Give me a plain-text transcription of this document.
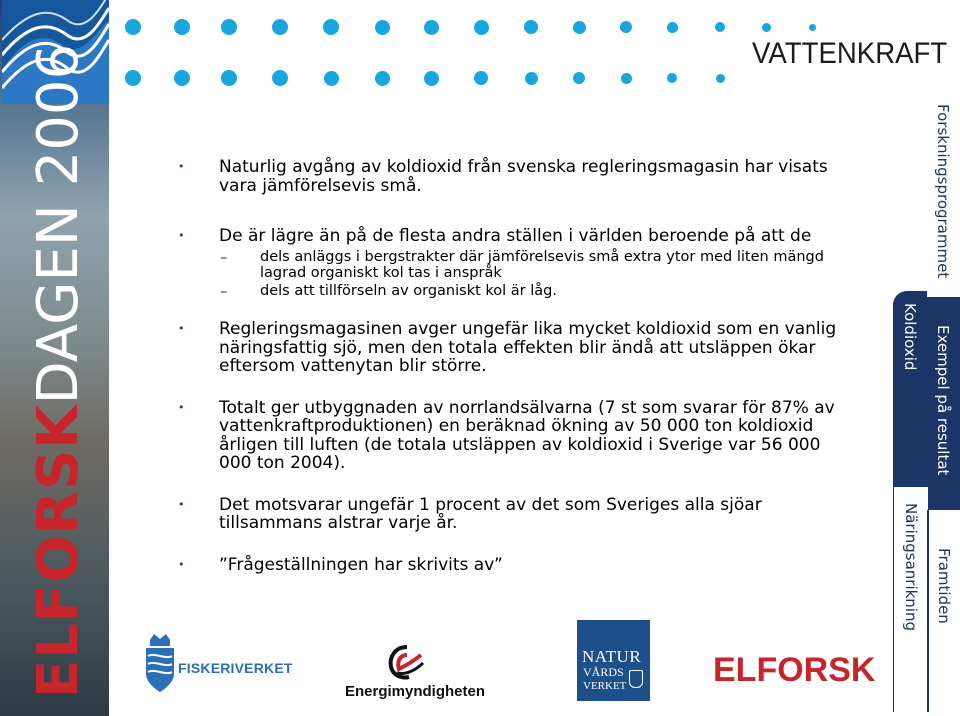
ELFORSKDAGEN 2006	VATTENKRAFT
• Naturlig avgång av koldioxid från svenska regleringsmagasin har visats vara jämförelsevis små.
• De är lägre än på de flesta andra ställen i världen beroende på att de
– dels anläggs i bergstrakter där jämförelsevis små extra ytor med liten mängd lagrad organiskt kol tas i anspråk
– dels att tillförseln av organiskt kol är låg.
• Regleringsmagasinen avger ungefär lika mycket koldioxid som en vanlig näringsfattig sjö, men den totala effekten blir ändå att utsläppen ökar eftersom vattenytan blir större.
• Totalt ger utbyggnaden av norrlandsälvarna (7 st som svarar för 87% av vattenkraftproduktionen) en beräknad ökning av 50 000 ton koldioxid årligen till luften (de totala utsläppen av koldioxid i Sverige var 56 000 000 ton 2004).
• Det motsvarar ungefär 1 procent av det som Sveriges alla sjöar tillsammans alstrar varje år.
• ”Frågeställningen har skrivits av”
Forskningsprogrammet
Koldioxid Exempel på resultat
Näringsanrikning Framtiden
FISKERIVERKET
Energimyndigheten
NATUR
VÅRDS
VERKET	ELFORSK
